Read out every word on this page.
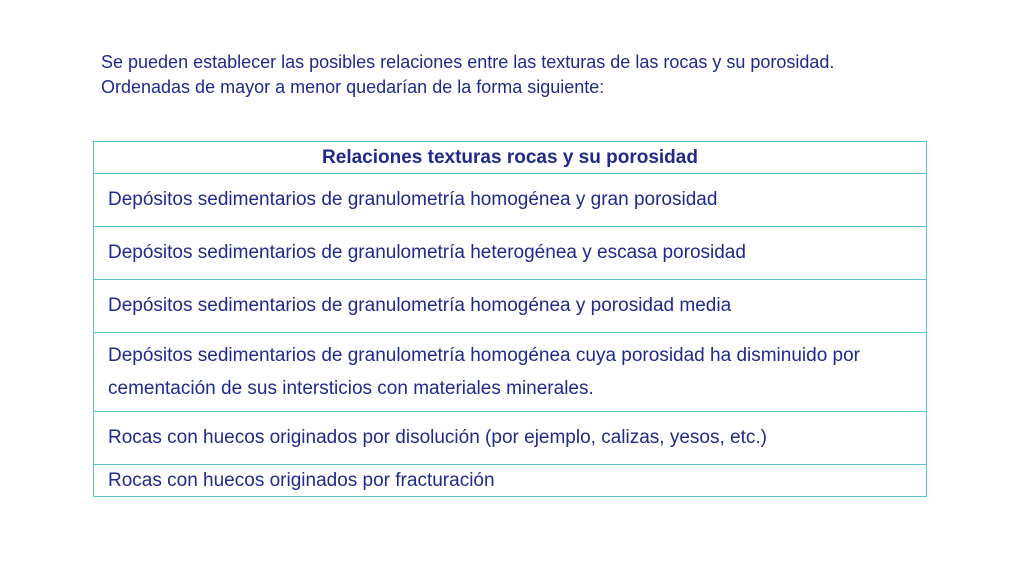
Se pueden establecer las posibles relaciones entre las texturas de las rocas y su porosidad.

Ordenadas de mayor a menor quedarían de la forma siguiente:

Relaciones texturas rocas y su porosidad
Depósitos sedimentarios de granulometría homogénea y gran porosidad
Depósitos sedimentarios de granulometría heterogénea y escasa porosidad
Depósitos sedimentarios de granulometría homogénea y porosidad media
Depósitos sedimentarios de granulometría homogénea cuya porosidad ha disminuido por cementación de sus intersticios con materiales minerales.
Rocas con huecos originados por disolución (por ejemplo, calizas, yesos, etc.)
Rocas con huecos originados por fracturación
